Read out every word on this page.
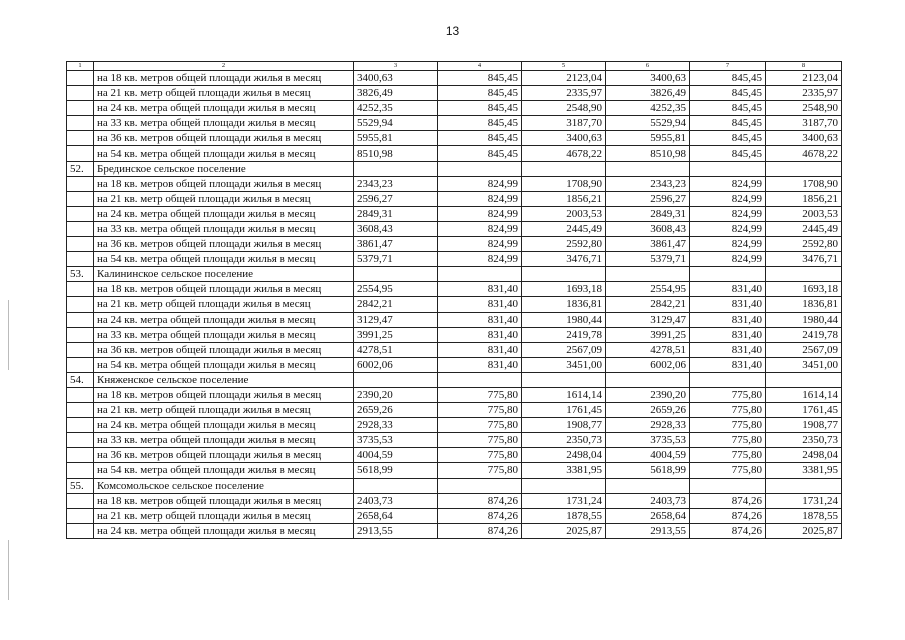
13
1	2	3	4	5	6	7	8
	на 18 кв. метров общей площади жилья в месяц	3400,63	845,45	2123,04	3400,63	845,45	2123,04
	на 21 кв. метр общей площади жилья в месяц	3826,49	845,45	2335,97	3826,49	845,45	2335,97
	на 24 кв. метра общей площади жилья в месяц	4252,35	845,45	2548,90	4252,35	845,45	2548,90
	на 33 кв. метра общей площади жилья в месяц	5529,94	845,45	3187,70	5529,94	845,45	3187,70
	на 36 кв. метров общей площади жилья в месяц	5955,81	845,45	3400,63	5955,81	845,45	3400,63
	на 54 кв. метра общей площади жилья в месяц	8510,98	845,45	4678,22	8510,98	845,45	4678,22
52.	Брединское сельское поселение						
	на 18 кв. метров общей площади жилья в месяц	2343,23	824,99	1708,90	2343,23	824,99	1708,90
	на 21 кв. метр общей площади жилья в месяц	2596,27	824,99	1856,21	2596,27	824,99	1856,21
	на 24 кв. метра общей площади жилья в месяц	2849,31	824,99	2003,53	2849,31	824,99	2003,53
	на 33 кв. метра общей площади жилья в месяц	3608,43	824,99	2445,49	3608,43	824,99	2445,49
	на 36 кв. метров общей площади жилья в месяц	3861,47	824,99	2592,80	3861,47	824,99	2592,80
	на 54 кв. метра общей площади жилья в месяц	5379,71	824,99	3476,71	5379,71	824,99	3476,71
53.	Калининское сельское поселение						
	на 18 кв. метров общей площади жилья в месяц	2554,95	831,40	1693,18	2554,95	831,40	1693,18
	на 21 кв. метр общей площади жилья в месяц	2842,21	831,40	1836,81	2842,21	831,40	1836,81
	на 24 кв. метра общей площади жилья в месяц	3129,47	831,40	1980,44	3129,47	831,40	1980,44
	на 33 кв. метра общей площади жилья в месяц	3991,25	831,40	2419,78	3991,25	831,40	2419,78
	на 36 кв. метров общей площади жилья в месяц	4278,51	831,40	2567,09	4278,51	831,40	2567,09
	на 54 кв. метра общей площади жилья в месяц	6002,06	831,40	3451,00	6002,06	831,40	3451,00
54.	Княженское сельское поселение						
	на 18 кв. метров общей площади жилья в месяц	2390,20	775,80	1614,14	2390,20	775,80	1614,14
	на 21 кв. метр общей площади жилья в месяц	2659,26	775,80	1761,45	2659,26	775,80	1761,45
	на 24 кв. метра общей площади жилья в месяц	2928,33	775,80	1908,77	2928,33	775,80	1908,77
	на 33 кв. метра общей площади жилья в месяц	3735,53	775,80	2350,73	3735,53	775,80	2350,73
	на 36 кв. метров общей площади жилья в месяц	4004,59	775,80	2498,04	4004,59	775,80	2498,04
	на 54 кв. метра общей площади жилья в месяц	5618,99	775,80	3381,95	5618,99	775,80	3381,95
55.	Комсомольское сельское поселение						
	на 18 кв. метров общей площади жилья в месяц	2403,73	874,26	1731,24	2403,73	874,26	1731,24
	на 21 кв. метр общей площади жилья в месяц	2658,64	874,26	1878,55	2658,64	874,26	1878,55
	на 24 кв. метра общей площади жилья в месяц	2913,55	874,26	2025,87	2913,55	874,26	2025,87
